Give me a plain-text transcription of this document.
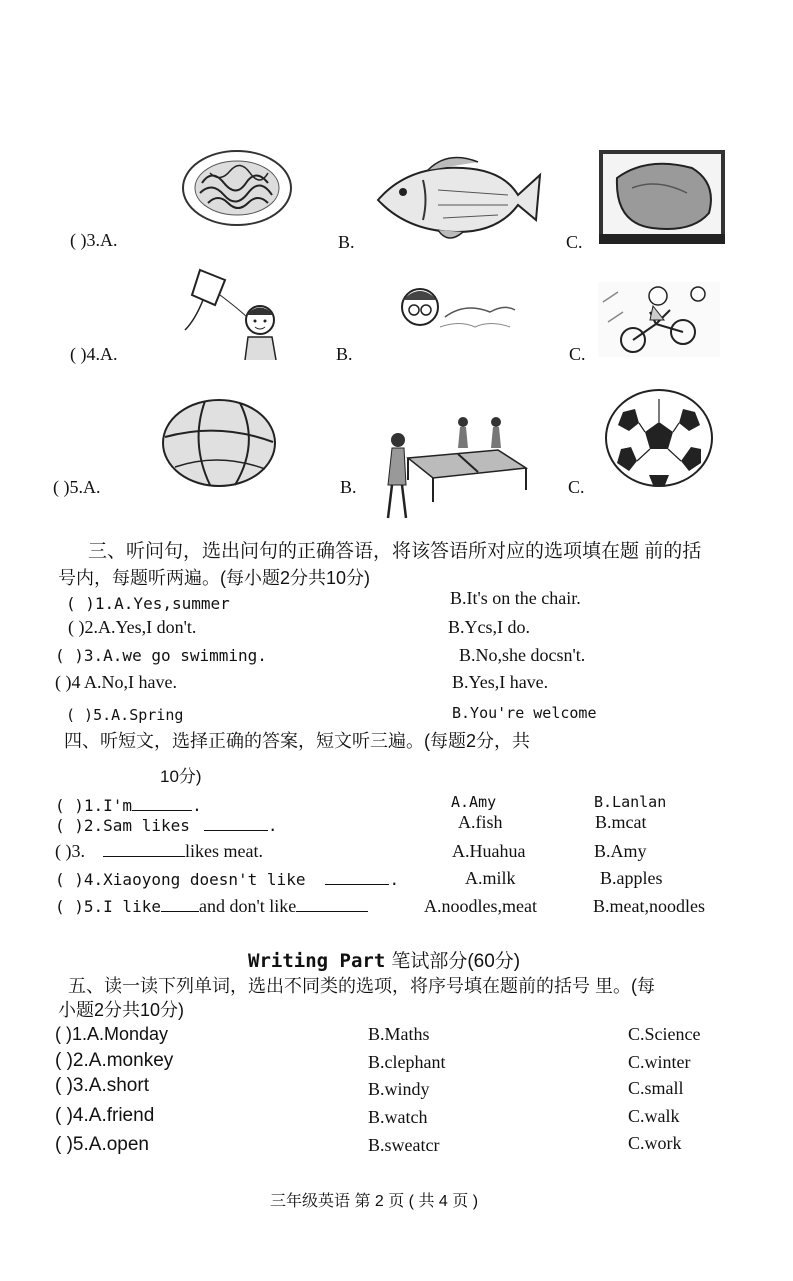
( )3.A.	B.	C.
( )4.A.	B.	C.
( )5.A.	B.	C.
三、听问句，选出问句的正确答语，将该答语所对应的选项填在题 前的括
号内，每题听两遍。(每小题2分共10分)
( )1.A.Yes,summer	B.It's on the chair.
( )2.A.Yes,I don't.	B.Ycs,I do.
( )3.A.we go swimming.	B.No,she docsn't.
( )4 A.No,I have.	B.Yes,I have.
( )5.A.Spring	B.You're welcome
四、听短文，选择正确的答案，短文听三遍。(每题2分，共
10分)
( )1.I'm	.	A.Amy	B.Lanlan
( )2.Sam likes	.	A.fish	B.mcat
( )3.	likes meat.	A.Huahua	B.Amy
( )4.Xiaoyong doesn't like	.	A.milk	B.apples
( )5.I like and don't like	A.noodles,meat	B.meat,noodles
Writing Part 笔试部分(60分)
五、读一读下列单词，选出不同类的选项，将序号填在题前的括号 里。(每
小题2分共10分)
( )1.A.Monday	B.Maths	C.Science
( )2.A.monkey	B.clephant	C.winter
( )3.A.short	B.windy	C.small
( )4.A.friend	B.watch	C.walk
( )5.A.open	B.sweatcr	C.work
三年级英语 第 2 页 ( 共 4 页 )
